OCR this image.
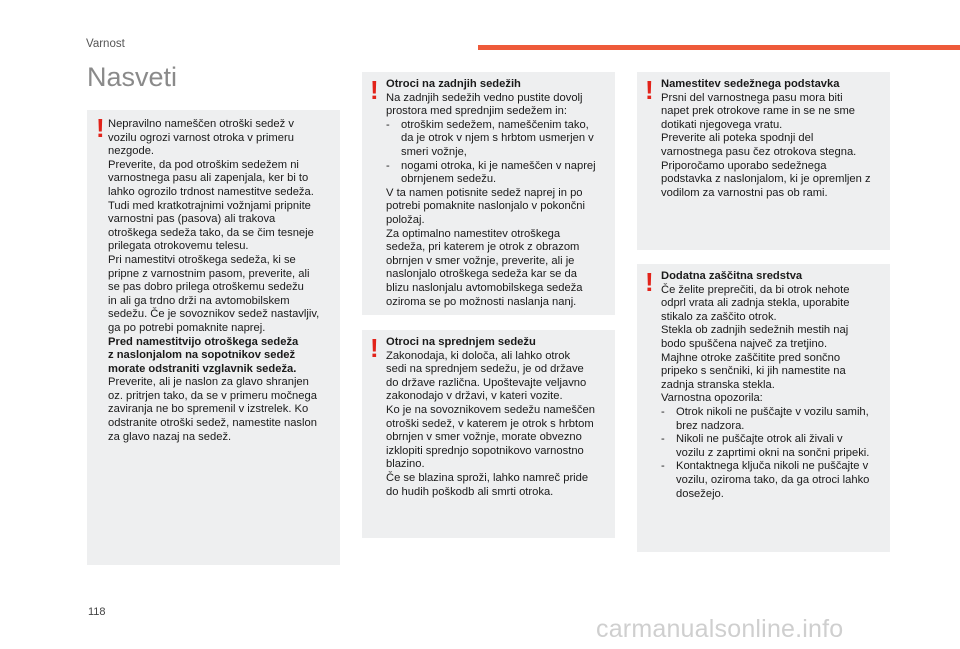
Varnost
Nasveti
! Nepravilno nameščen otroški sedež v

vozilu ogrozi varnost otroka v primeru

nezgode.

Preverite, da pod otroškim sedežem ni

varnostnega pasu ali zapenjala, ker bi to

lahko ogrozilo trdnost namestitve sedeža.

Tudi med kratkotrajnimi vožnjami pripnite

varnostni pas (pasova) ali trakova

otroškega sedeža tako, da se čim tesneje

prilegata otrokovemu telesu.

Pri namestitvi otroškega sedeža, ki se

pripne z varnostnim pasom, preverite, ali

se pas dobro prilega otroškemu sedežu

in ali ga trdno drži na avtomobilskem

sedežu. Če je sovoznikov sedež nastavljiv,

ga po potrebi pomaknite naprej.

Pred namestitvijo otroškega sedeža

z naslonjalom na sopotnikov sedež

morate odstraniti vzglavnik sedeža.

Preverite, ali je naslon za glavo shranjen

oz. pritrjen tako, da se v primeru močnega

zaviranja ne bo spremenil v izstrelek. Ko

odstranite otroški sedež, namestite naslon

za glavo nazaj na sedež.

! Otroci na zadnjih sedežih

Na zadnjih sedežih vedno pustite dovolj

prostora med sprednjim sedežem in:

-	otroškim sedežem, nameščenim tako,

da je otrok v njem s hrbtom usmerjen v

smeri vožnje,

-	nogami otroka, ki je nameščen v naprej

obrnjenem sedežu.

V ta namen potisnite sedež naprej in po

potrebi pomaknite naslonjalo v pokončni

položaj.

Za optimalno namestitev otroškega

sedeža, pri katerem je otrok z obrazom

obrnjen v smer vožnje, preverite, ali je

naslonjalo otroškega sedeža kar se da

blizu naslonjalu avtomobilskega sedeža

oziroma se po možnosti naslanja nanj.

! Otroci na sprednjem sedežu

Zakonodaja, ki določa, ali lahko otrok

sedi na sprednjem sedežu, je od države

do države različna. Upoštevajte veljavno

zakonodajo v državi, v kateri vozite.

Ko je na sovoznikovem sedežu nameščen

otroški sedež, v katerem je otrok s hrbtom

obrnjen v smer vožnje, morate obvezno

izklopiti sprednjo sopotnikovo varnostno

blazino.

Če se blazina sproži, lahko namreč pride

do hudih poškodb ali smrti otroka.

! Namestitev sedežnega podstavka

Prsni del varnostnega pasu mora biti

napet prek otrokove rame in se ne sme

dotikati njegovega vratu.

Preverite ali poteka spodnji del

varnostnega pasu čez otrokova stegna.

Priporočamo uporabo sedežnega

podstavka z naslonjalom, ki je opremljen z

vodilom za varnostni pas ob rami.

! Dodatna zaščitna sredstva

Če želite preprečiti, da bi otrok nehote

odprl vrata ali zadnja stekla, uporabite

stikalo za zaščito otrok.

Stekla ob zadnjih sedežnih mestih naj

bodo spuščena največ za tretjino.

Majhne otroke zaščitite pred sončno

pripeko s senčniki, ki jih namestite na

zadnja stranska stekla.

Varnostna opozorila:

-	Otrok nikoli ne puščajte v vozilu samih,

brez nadzora.

-	Nikoli ne puščajte otrok ali živali v

vozilu z zaprtimi okni na sončni pripeki.

-	Kontaktnega ključa nikoli ne puščajte v

vozilu, oziroma tako, da ga otroci lahko

dosežejo.

118
carmanualsonline.info
